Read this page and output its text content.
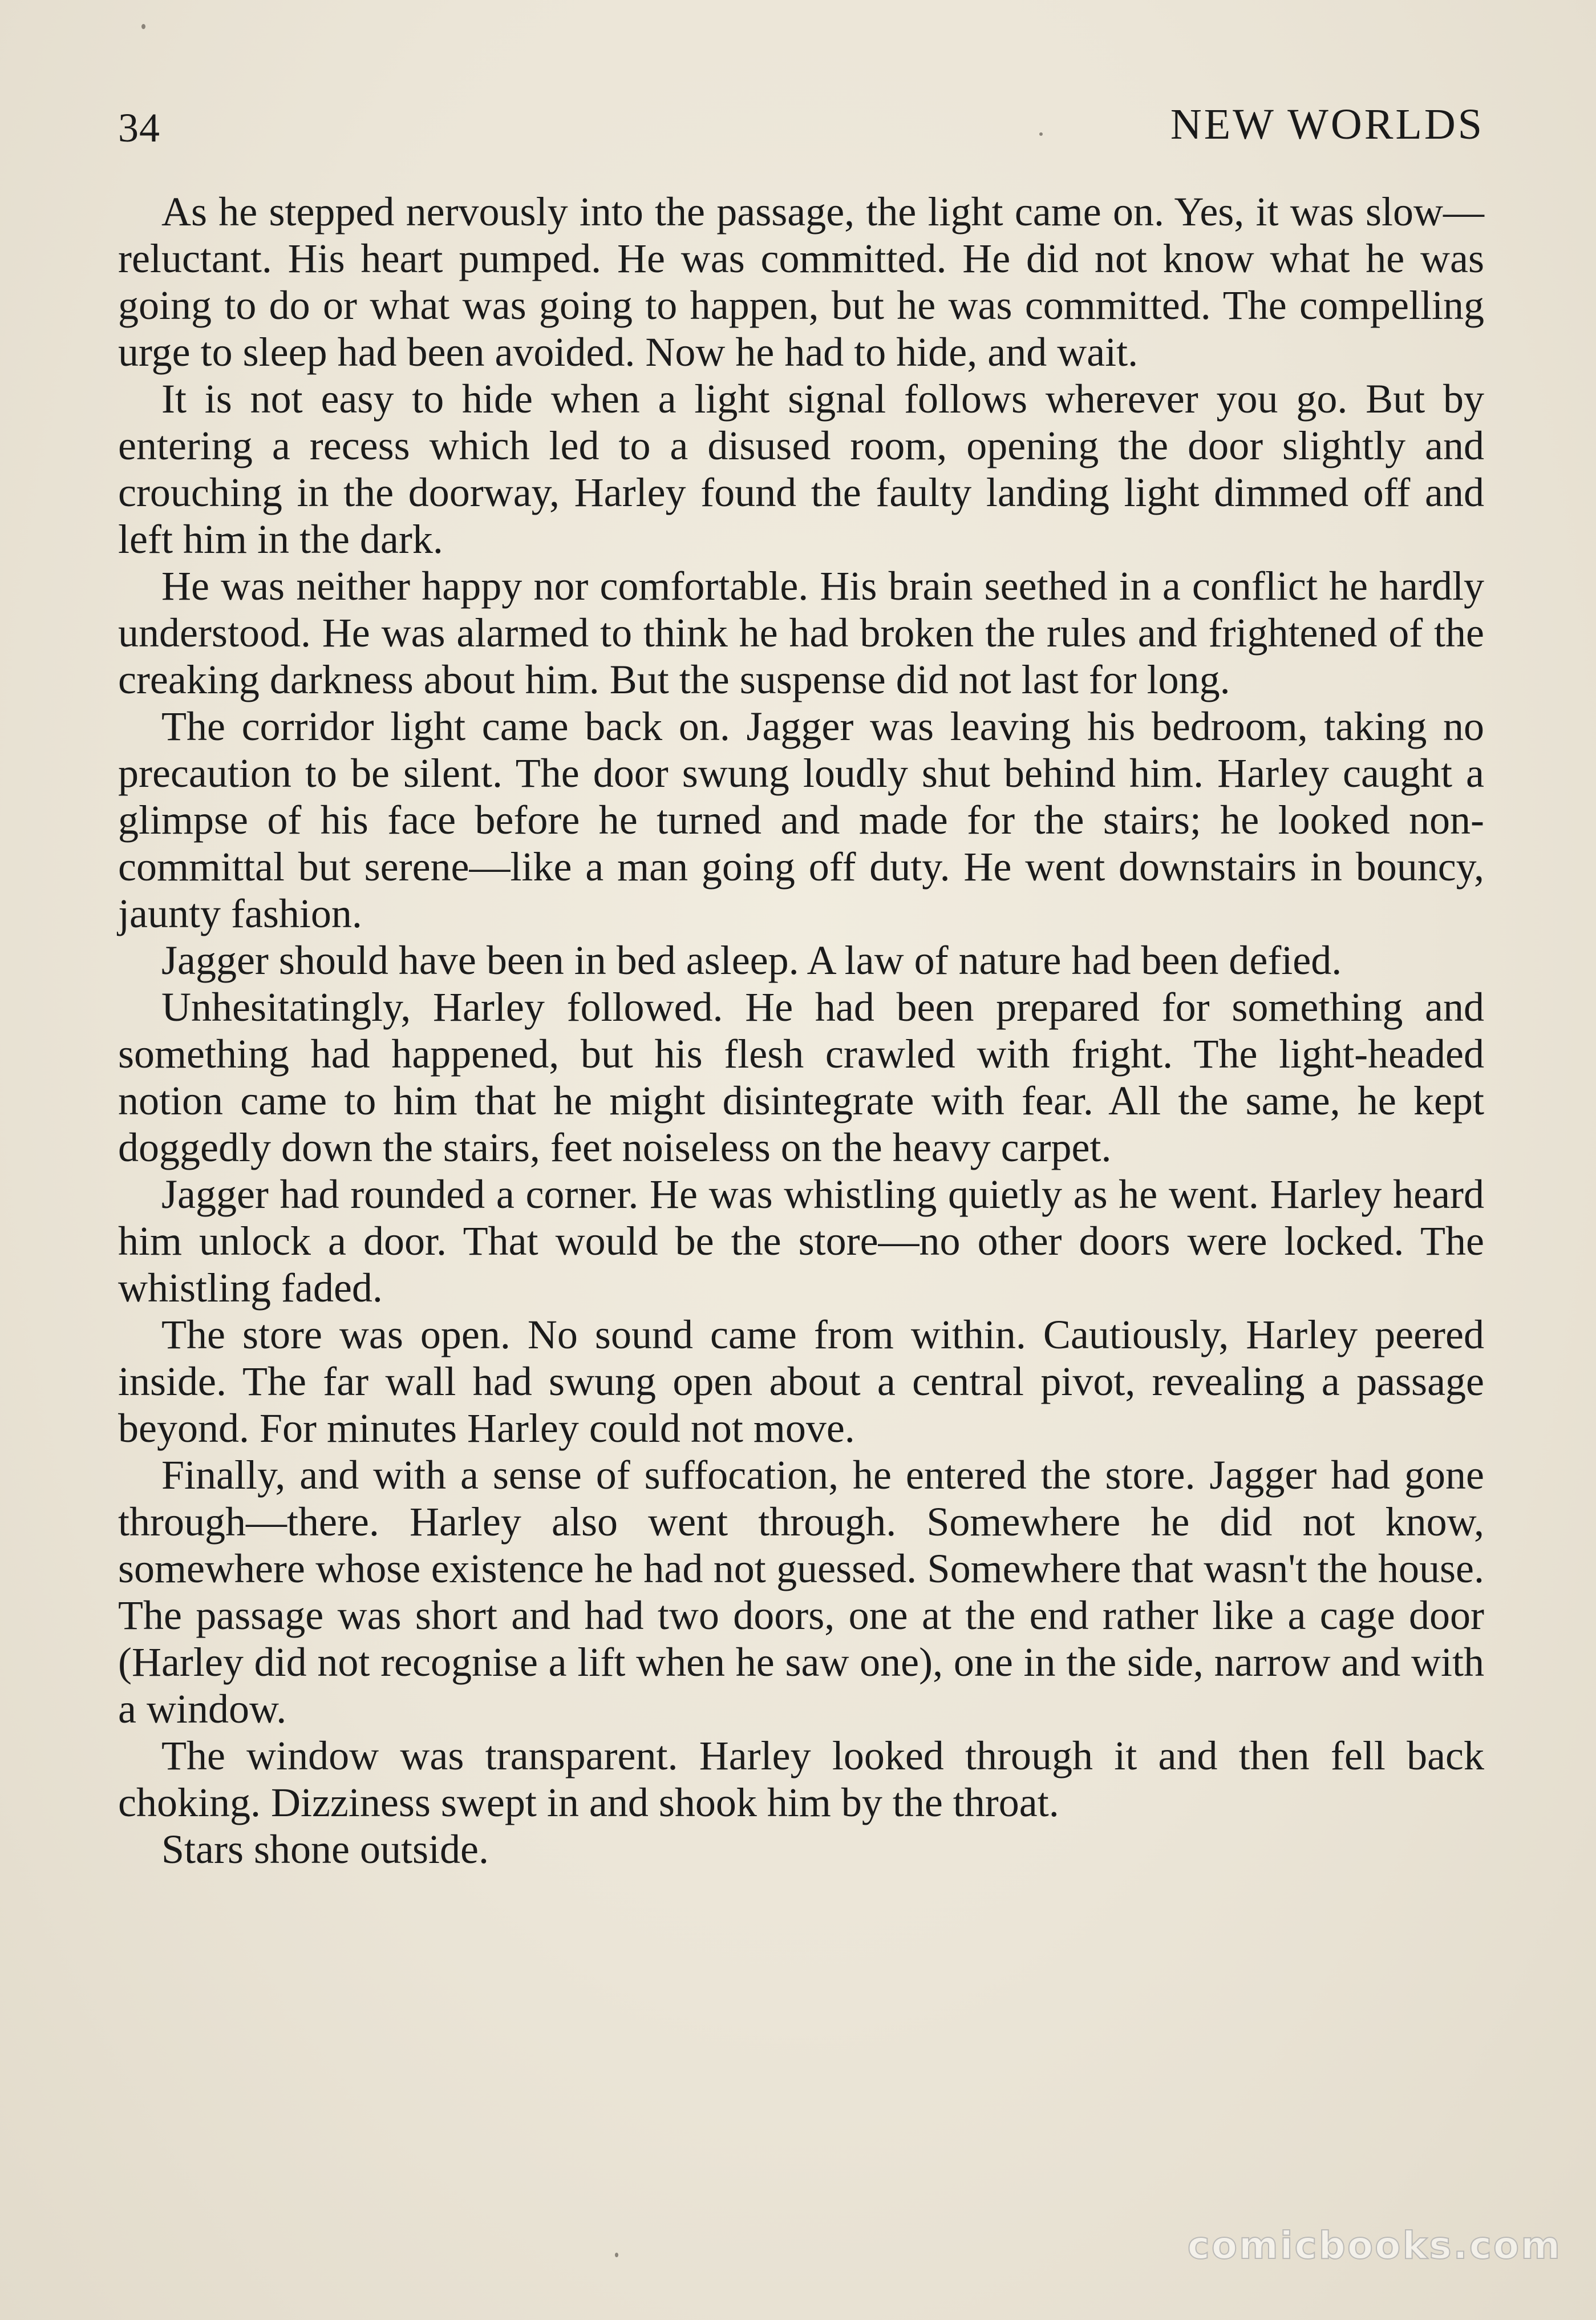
34	NEW WORLDS

As he stepped nervously into the passage, the light came on. Yes, it was slow—reluctant. His heart pumped. He was committed. He did not know what he was going to do or what was going to happen, but he was committed. The compelling urge to sleep had been avoided. Now he had to hide, and wait.

It is not easy to hide when a light signal follows wherever you go. But by entering a recess which led to a disused room, opening the door slightly and crouching in the doorway, Harley found the faulty landing light dimmed off and left him in the dark.

He was neither happy nor comfortable. His brain seethed in a conflict he hardly understood. He was alarmed to think he had broken the rules and frightened of the creaking darkness about him. But the suspense did not last for long.

The corridor light came back on. Jagger was leaving his bedroom, taking no precaution to be silent. The door swung loudly shut behind him. Harley caught a glimpse of his face before he turned and made for the stairs; he looked non-committal but serene—like a man going off duty. He went downstairs in bouncy, jaunty fashion.

Jagger should have been in bed asleep. A law of nature had been defied.

Unhesitatingly, Harley followed. He had been prepared for something and something had happened, but his flesh crawled with fright. The light-headed notion came to him that he might disintegrate with fear. All the same, he kept doggedly down the stairs, feet noiseless on the heavy carpet.

Jagger had rounded a corner. He was whistling quietly as he went. Harley heard him unlock a door. That would be the store—no other doors were locked. The whistling faded.

The store was open. No sound came from within. Cautiously, Harley peered inside. The far wall had swung open about a central pivot, revealing a passage beyond. For minutes Harley could not move.

Finally, and with a sense of suffocation, he entered the store. Jagger had gone through—there. Harley also went through. Somewhere he did not know, somewhere whose existence he had not guessed. Somewhere that wasn't the house. The passage was short and had two doors, one at the end rather like a cage door (Harley did not recognise a lift when he saw one), one in the side, narrow and with a window.

The window was transparent. Harley looked through it and then fell back choking. Dizziness swept in and shook him by the throat.

Stars shone outside.

comicbooks.com
